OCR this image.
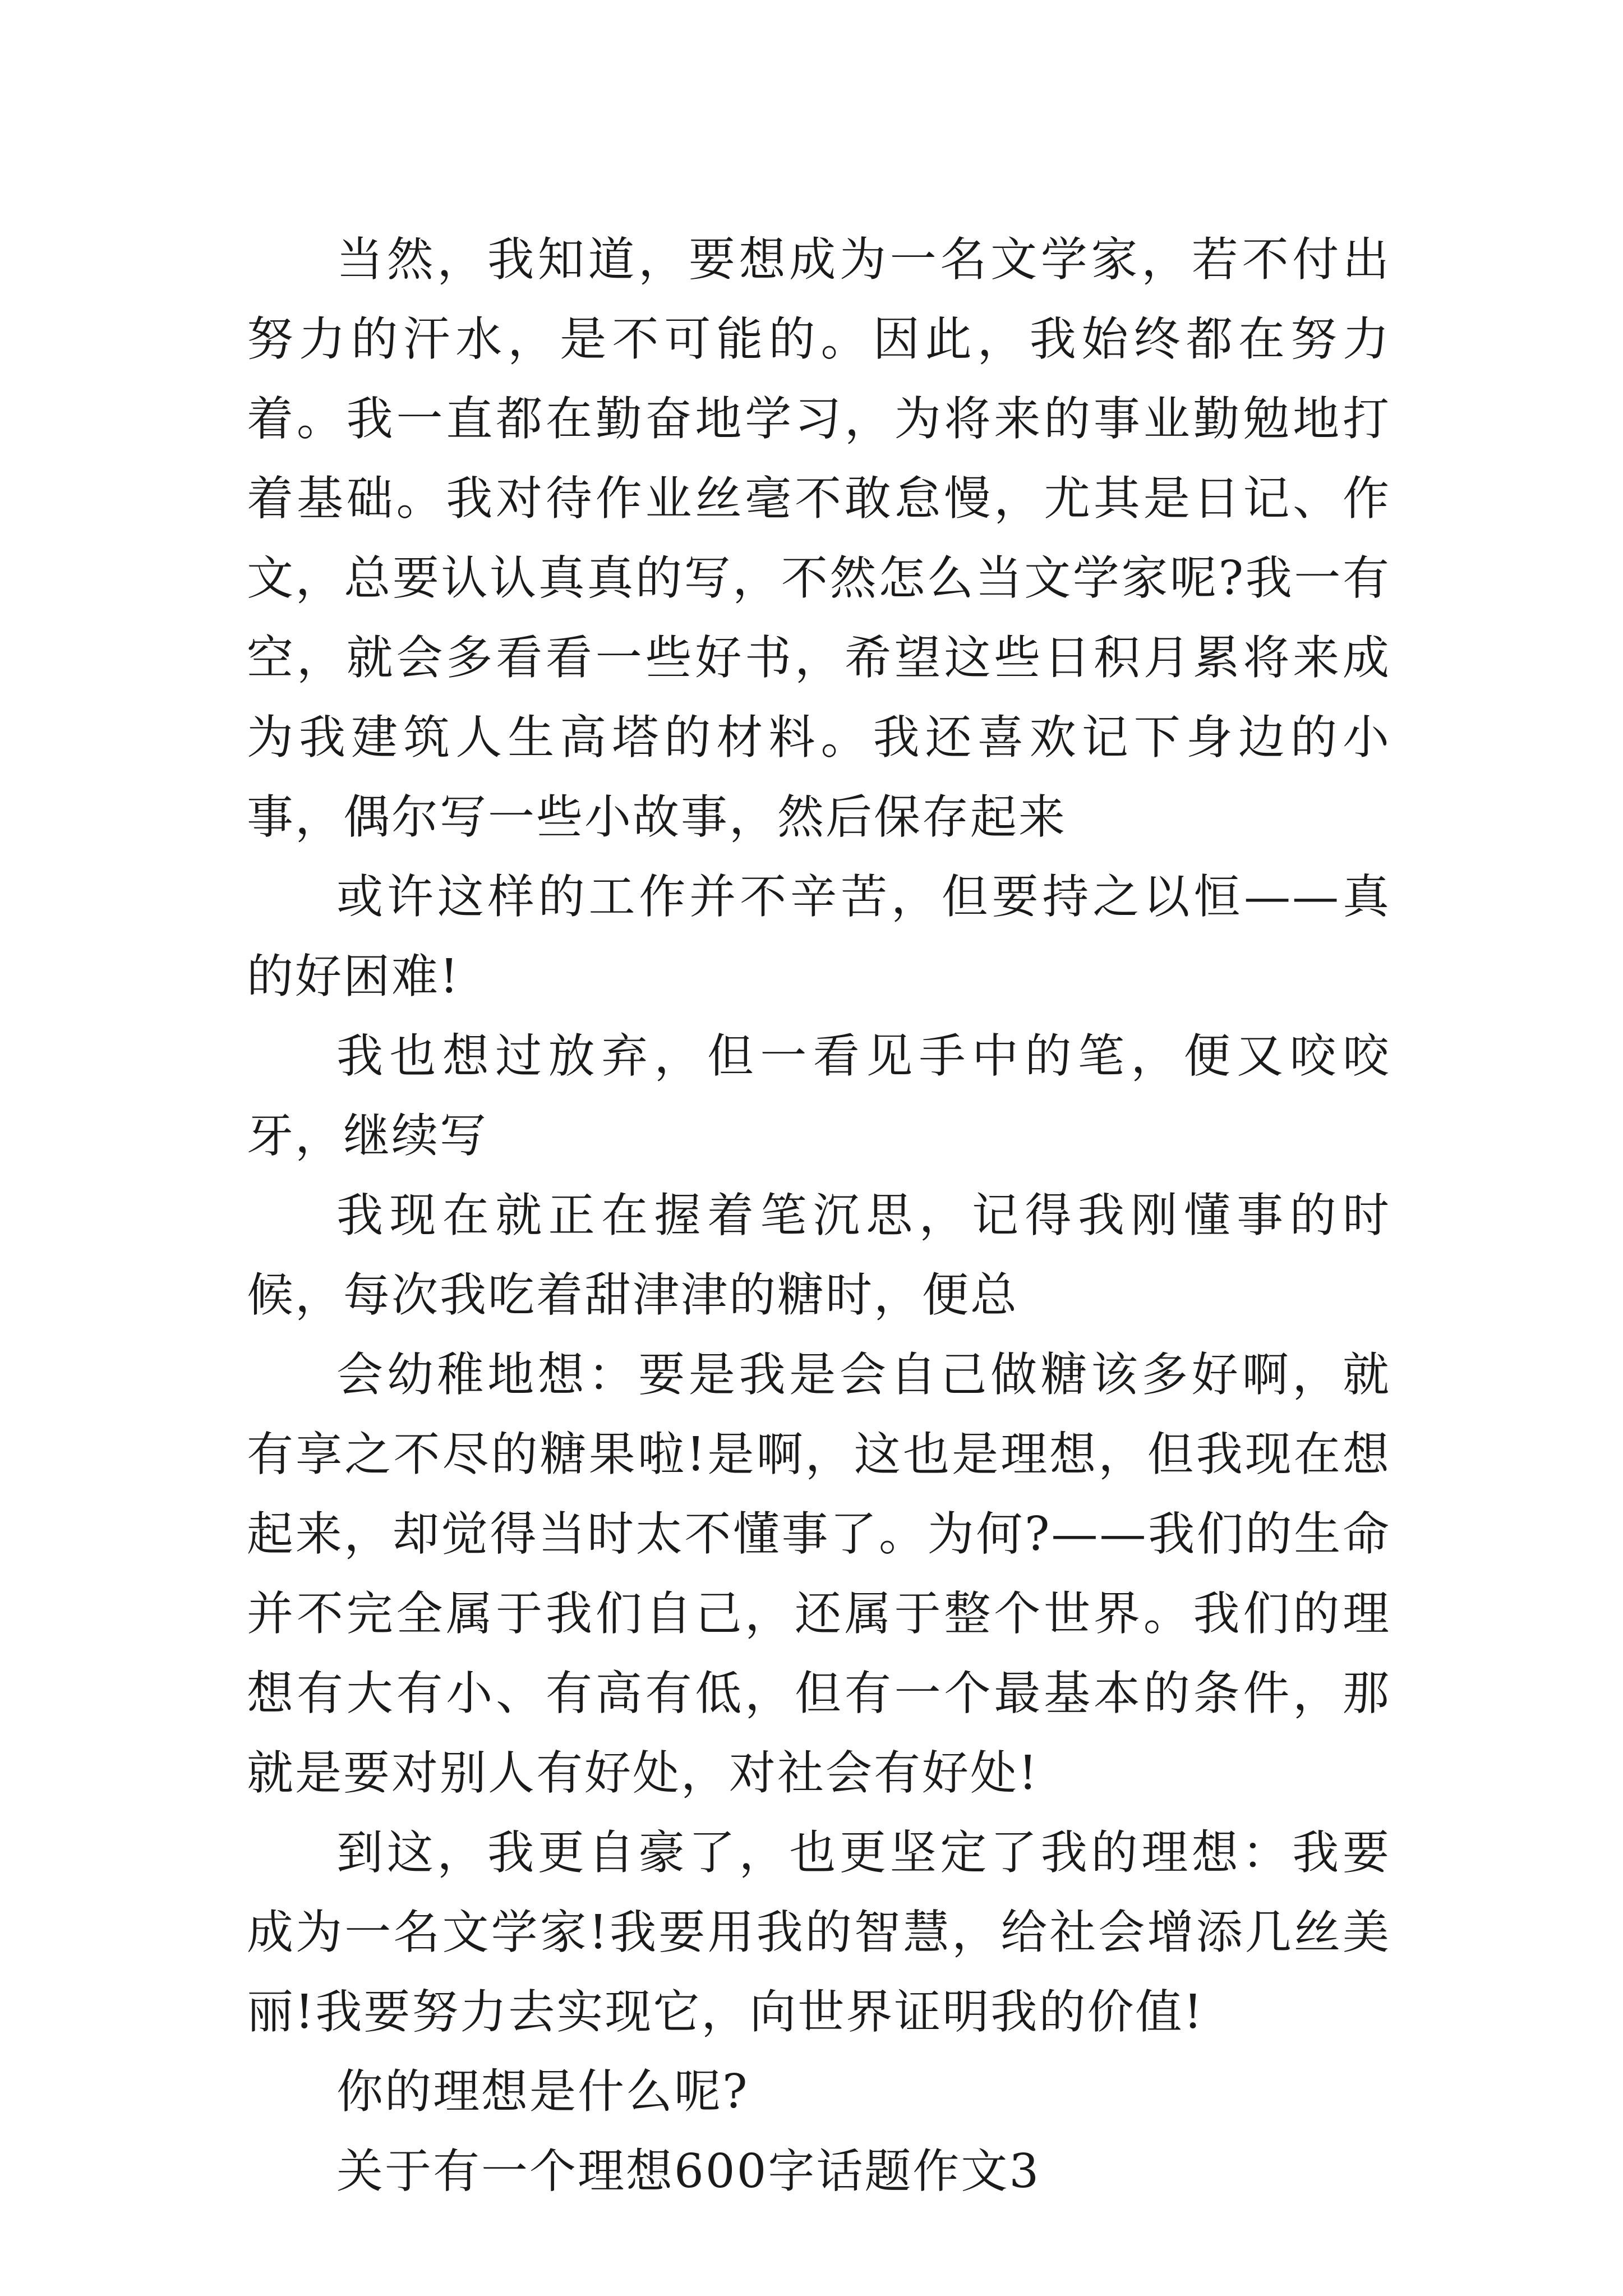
当然，我知道，要想成为一名文学家，若不付出努力的汗水，是不可能的。因此，我始终都在努力着。我一直都在勤奋地学习，为将来的事业勤勉地打着基础。我对待作业丝毫不敢怠慢，尤其是日记、作文，总要认认真真的写，不然怎么当文学家呢?我一有空，就会多看看一些好书，希望这些日积月累将来成为我建筑人生高塔的材料。我还喜欢记下身边的小事，偶尔写一些小故事，然后保存起来

或许这样的工作并不辛苦，但要持之以恒——真的好困难!

我也想过放弃，但一看见手中的笔，便又咬咬牙，继续写

我现在就正在握着笔沉思，记得我刚懂事的时候，每次我吃着甜津津的糖时，便总

会幼稚地想：要是我是会自己做糖该多好啊，就有享之不尽的糖果啦!是啊，这也是理想，但我现在想起来，却觉得当时太不懂事了。为何?——我们的生命并不完全属于我们自己，还属于整个世界。我们的理想有大有小、有高有低，但有一个最基本的条件，那就是要对别人有好处，对社会有好处!

到这，我更自豪了，也更坚定了我的理想：我要成为一名文学家!我要用我的智慧，给社会增添几丝美丽!我要努力去实现它，向世界证明我的价值!

你的理想是什么呢?

关于有一个理想600字话题作文3
